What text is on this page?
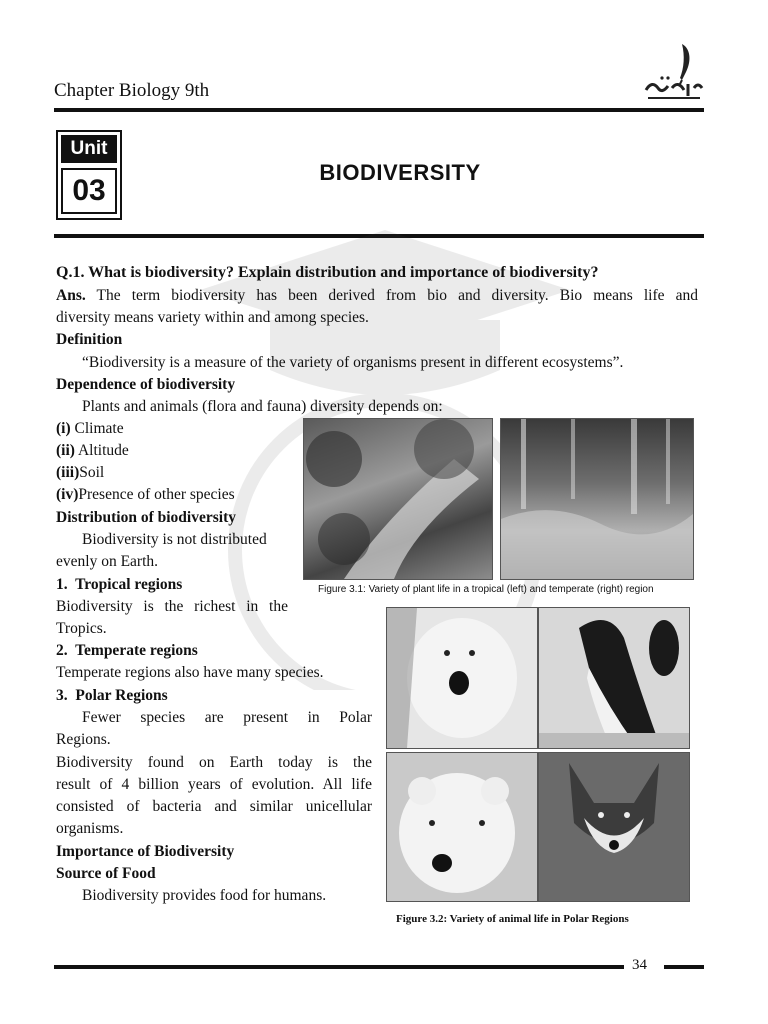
Chapter Biology 9th
Unit
03
BIODIVERSITY
Q.1. What is biodiversity? Explain distribution and importance of biodiversity?
Ans. The term biodiversity has been derived from bio and diversity. Bio means life and
diversity means variety within and among species.
Definition
“Biodiversity is a measure of the variety of organisms present in different ecosystems”.
Dependence of biodiversity
Plants and animals (flora and fauna) diversity depends on:
(i) Climate
(ii) Altitude
(iii)Soil
(iv)Presence of other species
Distribution of biodiversity
Biodiversity is not distributed
evenly on Earth.
1. Tropical regions
Biodiversity is the richest in the
Tropics.
2. Temperate regions
Temperate regions also have many species.
3. Polar Regions
Fewer species are present in Polar
Regions.
Biodiversity found on Earth today is the
result of 4 billion years of evolution. All life
consisted of bacteria and similar unicellular
organisms.
Importance of Biodiversity
Source of Food
Biodiversity provides food for humans.
Figure 3.1: Variety of plant life in a tropical (left) and temperate (right) region
Figure 3.2: Variety of animal life in Polar Regions
34
